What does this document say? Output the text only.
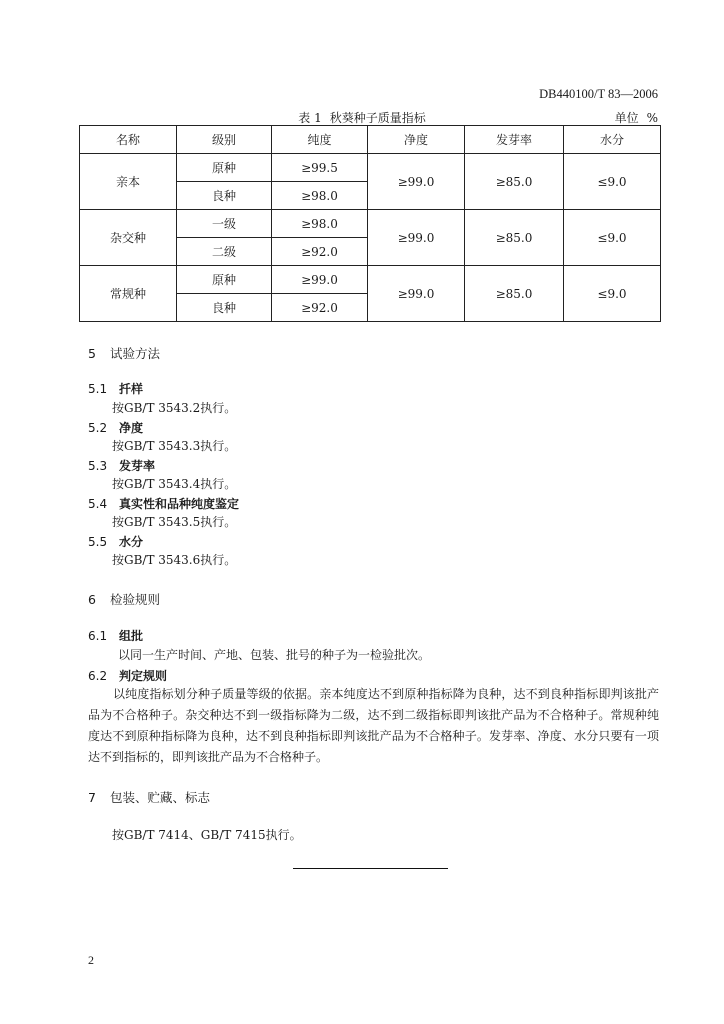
DB440100/T 83—2006
表 1 秋葵种子质量指标	单位 %
名称	级别	纯度	净度	发芽率	水分
亲本	原种	≥99.5	≥99.0	≥85.0	≤9.0
	良种	≥98.0			
杂交种	一级	≥98.0	≥99.0	≥85.0	≤9.0
	二级	≥92.0			
常规种	原种	≥99.0	≥99.0	≥85.0	≤9.0
	良种	≥92.0			
5 试验方法
5.1 扦样
按GB/T 3543.2执行。
5.2 净度
按GB/T 3543.3执行。
5.3 发芽率
按GB/T 3543.4执行。
5.4 真实性和品种纯度鉴定
按GB/T 3543.5执行。
5.5 水分
按GB/T 3543.6执行。
6 检验规则
6.1 组批
以同一生产时间、产地、包装、批号的种子为一检验批次。
6.2 判定规则
以纯度指标划分种子质量等级的依据。亲本纯度达不到原种指标降为良种，达不到良种指标即判该批产品为不合格种子。杂交种达不到一级指标降为二级，达不到二级指标即判该批产品为不合格种子。常规种纯度达不到原种指标降为良种，达不到良种指标即判该批产品为不合格种子。发芽率、净度、水分只要有一项达不到指标的，即判该批产品为不合格种子。
7 包装、贮藏、标志
按GB/T 7414、GB/T 7415执行。
2
